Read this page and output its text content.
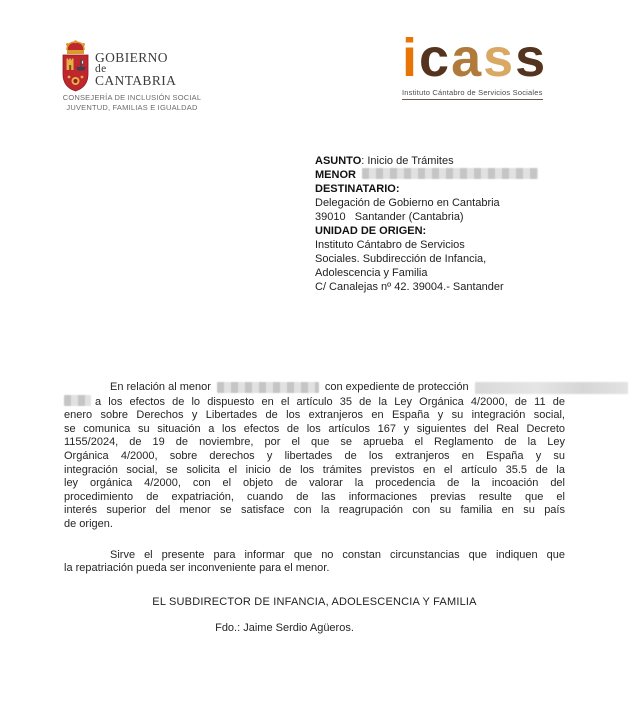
GOBIERNO
de
CANTABRIA
CONSEJERÍA DE INCLUSIÓN SOCIAL
JUVENTUD, FAMILIAS E IGUALDAD
icass
Instituto Cántabro de Servicios Sociales
ASUNTO: Inicio de Trámites
MENOR
DESTINATARIO:
Delegación de Gobierno en Cantabria
39010   Santander (Cantabria)
UNIDAD DE ORIGEN:
Instituto Cántabro de Servicios
Sociales. Subdirección de Infancia,
Adolescencia y Familia
C/ Canalejas nº 42. 39004.- Santander
En relación al menor	con expediente de protección
a los efectos de lo dispuesto en el artículo 35 de la Ley Orgánica 4/2000, de 11 de
enero sobre Derechos y Libertades de los extranjeros en España y su integración social,
se comunica su situación a los efectos de los artículos 167 y siguientes del Real Decreto
1155/2024, de 19 de noviembre, por el que se aprueba el Reglamento de la Ley
Orgánica 4/2000, sobre derechos y libertades de los extranjeros en España y su
integración social, se solicita el inicio de los trámites previstos en el artículo 35.5 de la
ley orgánica 4/2000, con el objeto de valorar la procedencia de la incoación del
procedimiento de expatriación, cuando de las informaciones previas resulte que el
interés superior del menor se satisface con la reagrupación con su familia en su país
de origen.
Sirve el presente para informar que no constan circunstancias que indiquen que
la repatriación pueda ser inconveniente para el menor.
EL SUBDIRECTOR DE INFANCIA, ADOLESCENCIA Y FAMILIA
Fdo.: Jaime Serdio Agüeros.
